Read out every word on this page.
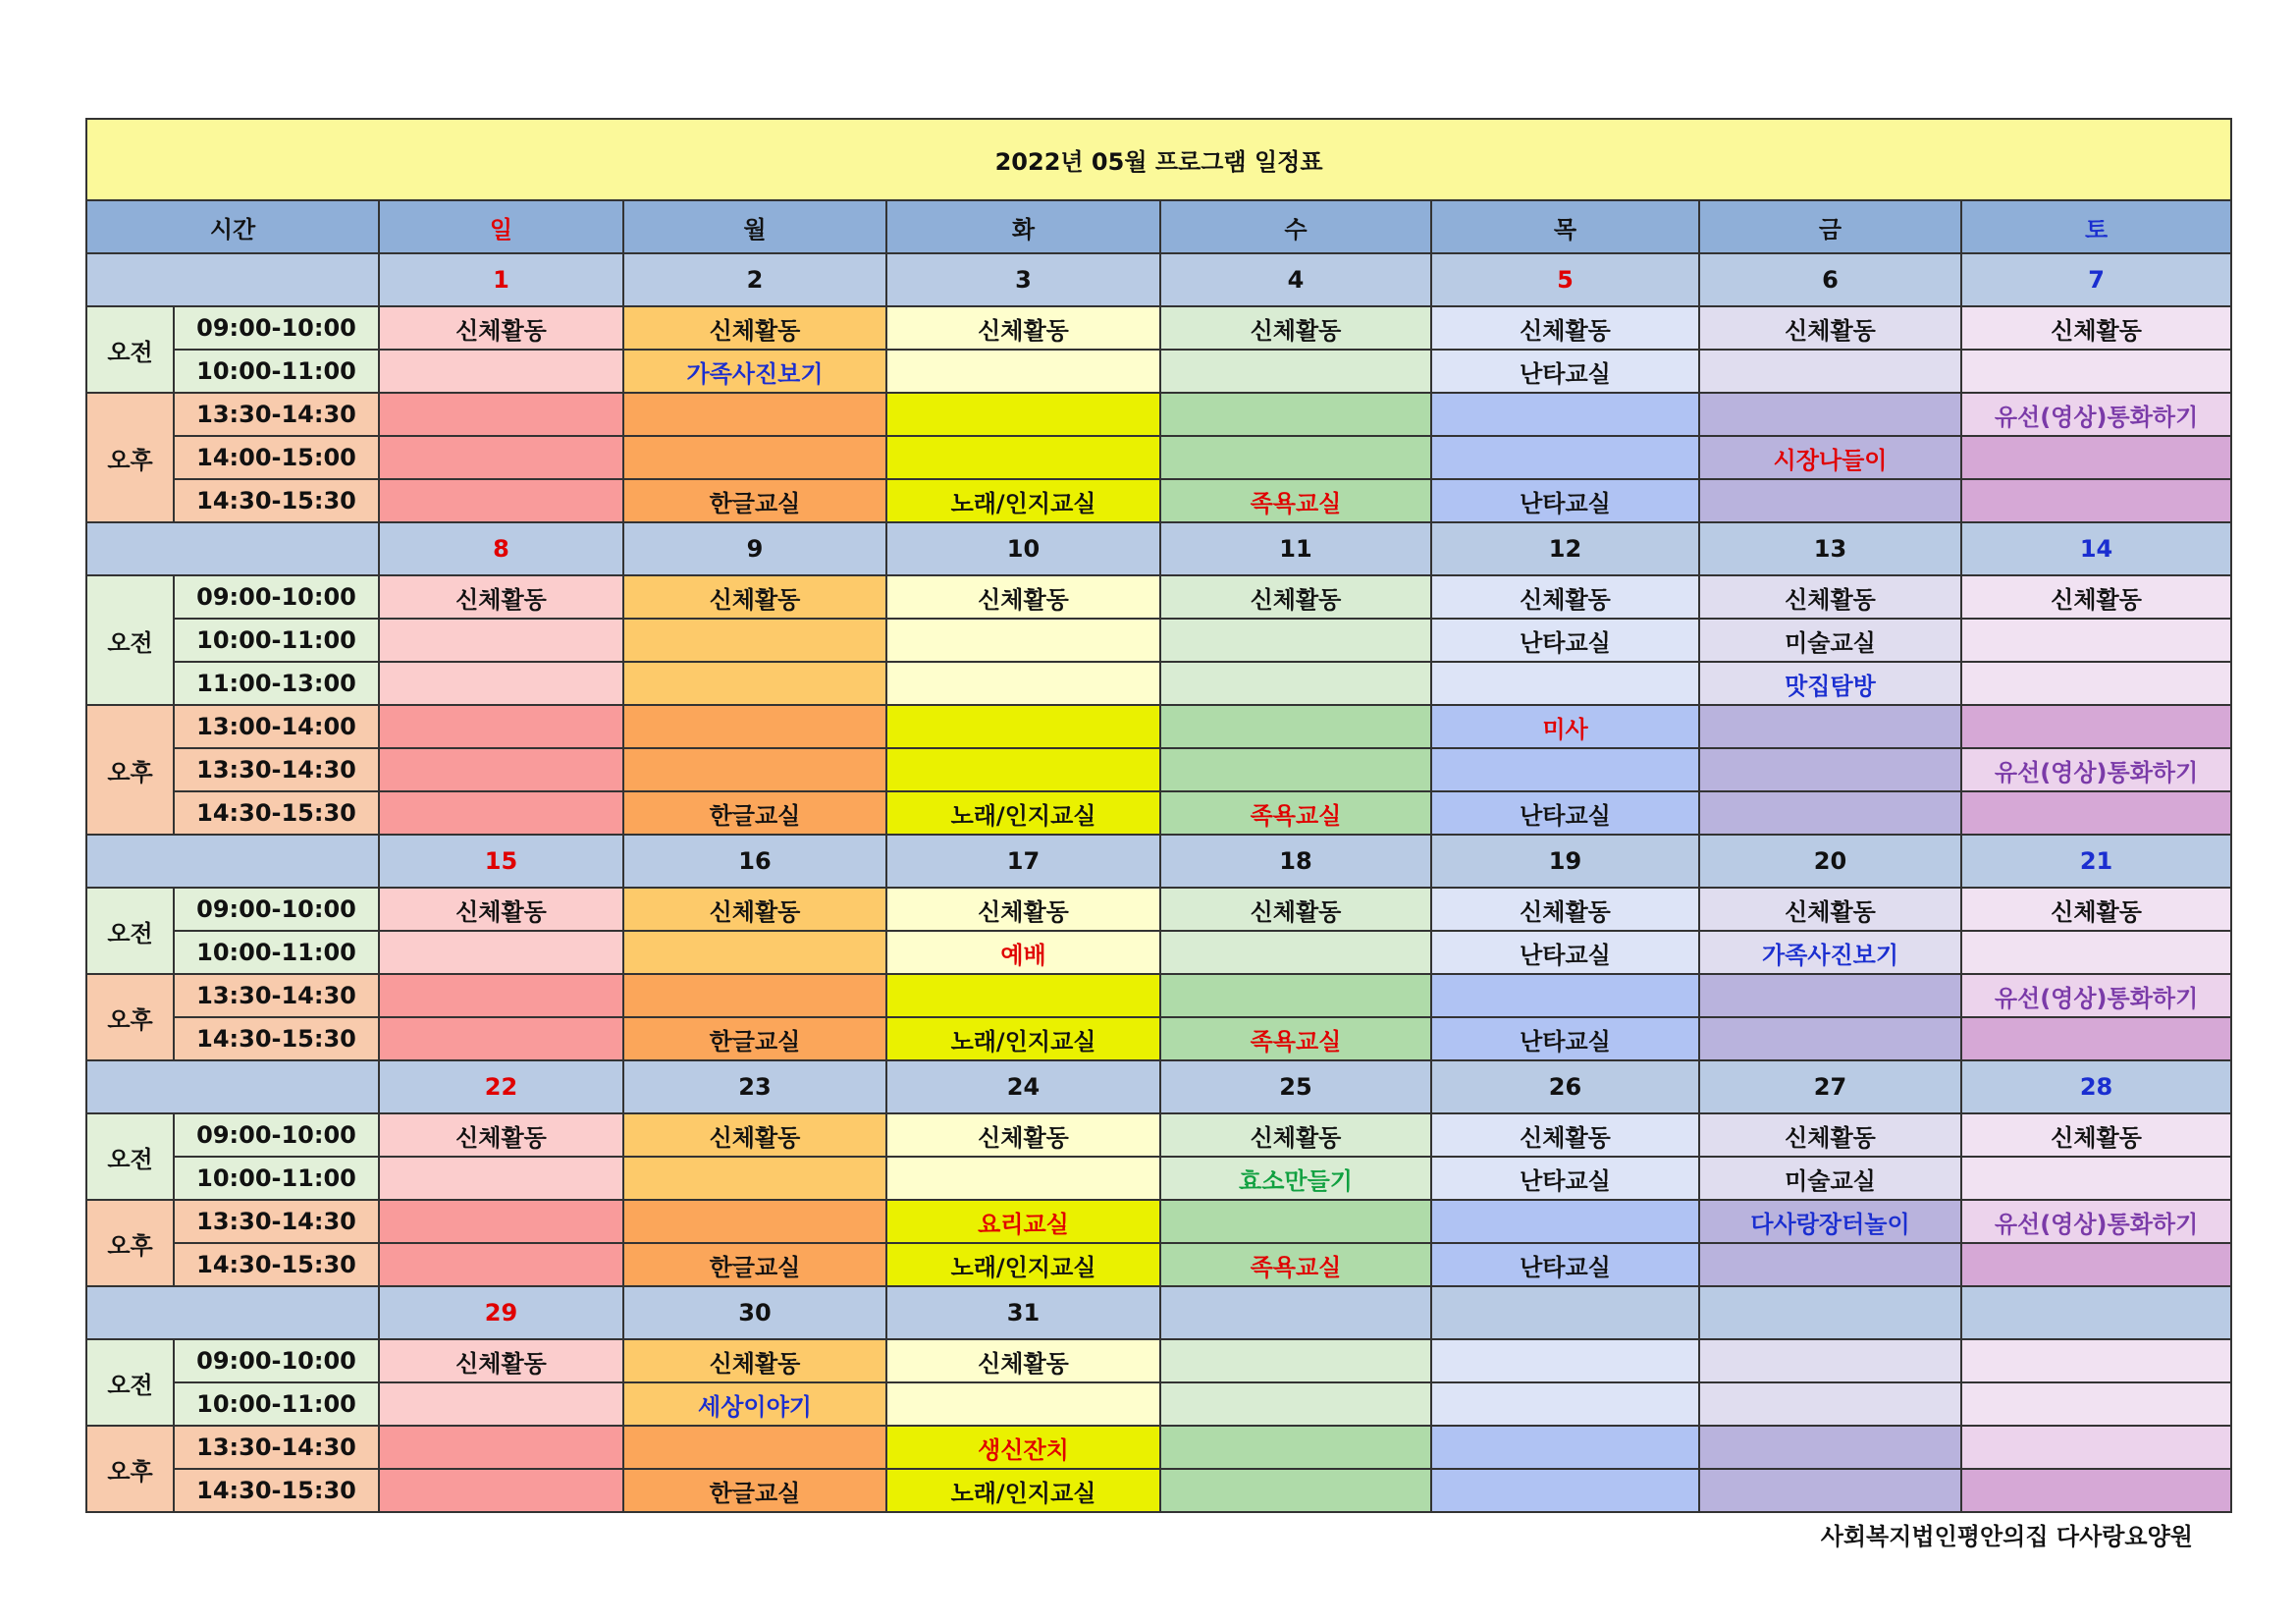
2022년 05월 프로그램 일정표								
시간		일	월	화	수	목	금	토
		1	2	3	4	5	6	7
오전	09:00-10:00	신체활동	신체활동	신체활동	신체활동	신체활동	신체활동	신체활동
	10:00-11:00		가족사진보기			난타교실		
오후	13:30-14:30							유선(영상)통화하기
	14:00-15:00						시장나들이	
	14:30-15:30		한글교실	노래/인지교실	족욕교실	난타교실		
		8	9	10	11	12	13	14
오전	09:00-10:00	신체활동	신체활동	신체활동	신체활동	신체활동	신체활동	신체활동
	10:00-11:00					난타교실	미술교실	
	11:00-13:00						맛집탐방	
오후	13:00-14:00					미사		
	13:30-14:30							유선(영상)통화하기
	14:30-15:30		한글교실	노래/인지교실	족욕교실	난타교실		
		15	16	17	18	19	20	21
오전	09:00-10:00	신체활동	신체활동	신체활동	신체활동	신체활동	신체활동	신체활동
	10:00-11:00			예배		난타교실	가족사진보기	
오후	13:30-14:30							유선(영상)통화하기
	14:30-15:30		한글교실	노래/인지교실	족욕교실	난타교실		
		22	23	24	25	26	27	28
오전	09:00-10:00	신체활동	신체활동	신체활동	신체활동	신체활동	신체활동	신체활동
	10:00-11:00				효소만들기	난타교실	미술교실	
오후	13:30-14:30			요리교실			다사랑장터놀이	유선(영상)통화하기
	14:30-15:30		한글교실	노래/인지교실	족욕교실	난타교실		
		29	30	31				
오전	09:00-10:00	신체활동	신체활동	신체활동				
	10:00-11:00		세상이야기					
오후	13:30-14:30			생신잔치				
	14:30-15:30		한글교실	노래/인지교실				
사회복지법인평안의집 다사랑요양원
